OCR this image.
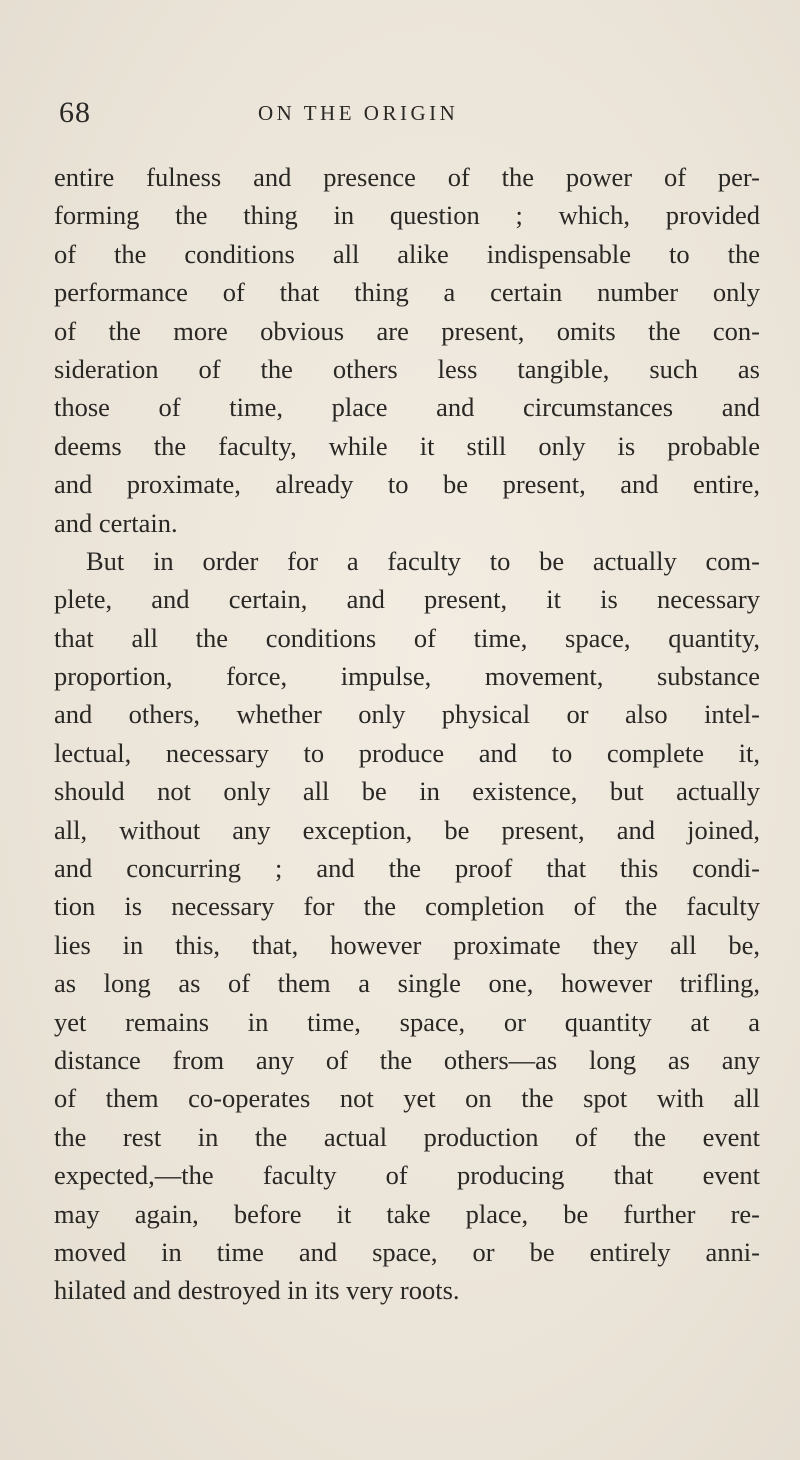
68	ON THE ORIGIN
entire fulness and presence of the power of per-
forming the thing in question ; which, provided
of the conditions all alike indispensable to the
performance of that thing a certain number only
of the more obvious are present, omits the con-
sideration of the others less tangible, such as
those of time, place and circumstances and
deems the faculty, while it still only is probable
and proximate, already to be present, and entire,
and certain.
But in order for a faculty to be actually com-
plete, and certain, and present, it is necessary
that all the conditions of time, space, quantity,
proportion, force, impulse, movement, substance
and others, whether only physical or also intel-
lectual, necessary to produce and to complete it,
should not only all be in existence, but actually
all, without any exception, be present, and joined,
and concurring ; and the proof that this condi-
tion is necessary for the completion of the faculty
lies in this, that, however proximate they all be,
as long as of them a single one, however trifling,
yet remains in time, space, or quantity at a
distance from any of the others—as long as any
of them co-operates not yet on the spot with all
the rest in the actual production of the event
expected,—the faculty of producing that event
may again, before it take place, be further re-
moved in time and space, or be entirely anni-
hilated and destroyed in its very roots.
